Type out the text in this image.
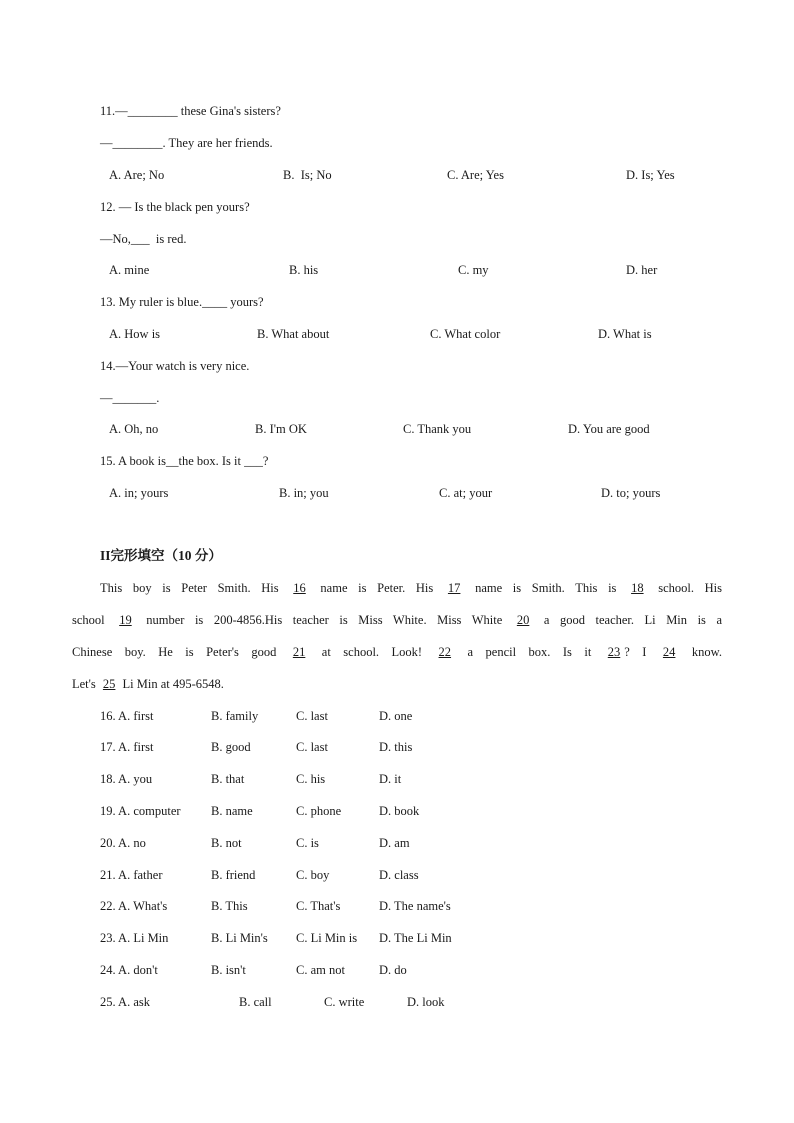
11.—________ these Gina's sisters?
—________. They are her friends.
A. Are; No	B.  Is; No	C. Are; Yes	D. Is; Yes
12. — Is the black pen yours?
—No,___  is red.
A. mine	B. his	C. my	D. her
13. My ruler is blue.____ yours?
A. How is	B. What about	C. What color	D. What is
14.—Your watch is very nice.
—_______.
A. Oh, no	B. I'm OK	C. Thank you	D. You are good
15. A book is__the box. Is it ___?
A. in; yours	B. in; you	C. at; your	D. to; yours
II完形填空（10 分）
This boy is Peter Smith. His 16 name is Peter. His 17 name is Smith. This is 18 school. His
school 19 number is 200-4856.His teacher is Miss White. Miss White 20 a good teacher. Li Min is a
Chinese boy. He is Peter's good 21 at school. Look! 22 a pencil box. Is it 23 ? I 24 know.
Let's 25 Li Min at 495-6548.
16. A. first	B. family	C. last	D. one
17. A. first	B. good	C. last	D. this
18. A. you	B. that	C. his	D. it
19. A. computer B. name	C. phone	D. book
20. A. no	B. not	C. is	D. am
21. A. father	B. friend	C. boy	D. class
22. A. What's	B. This	C. That's	D. The name's
23. A. Li Min	B. Li Min's C. Li Min is D. The Li Min
24. A. don't	B. isn't	C. am not	D. do
25. A. ask	B. call	C. write	D. look
